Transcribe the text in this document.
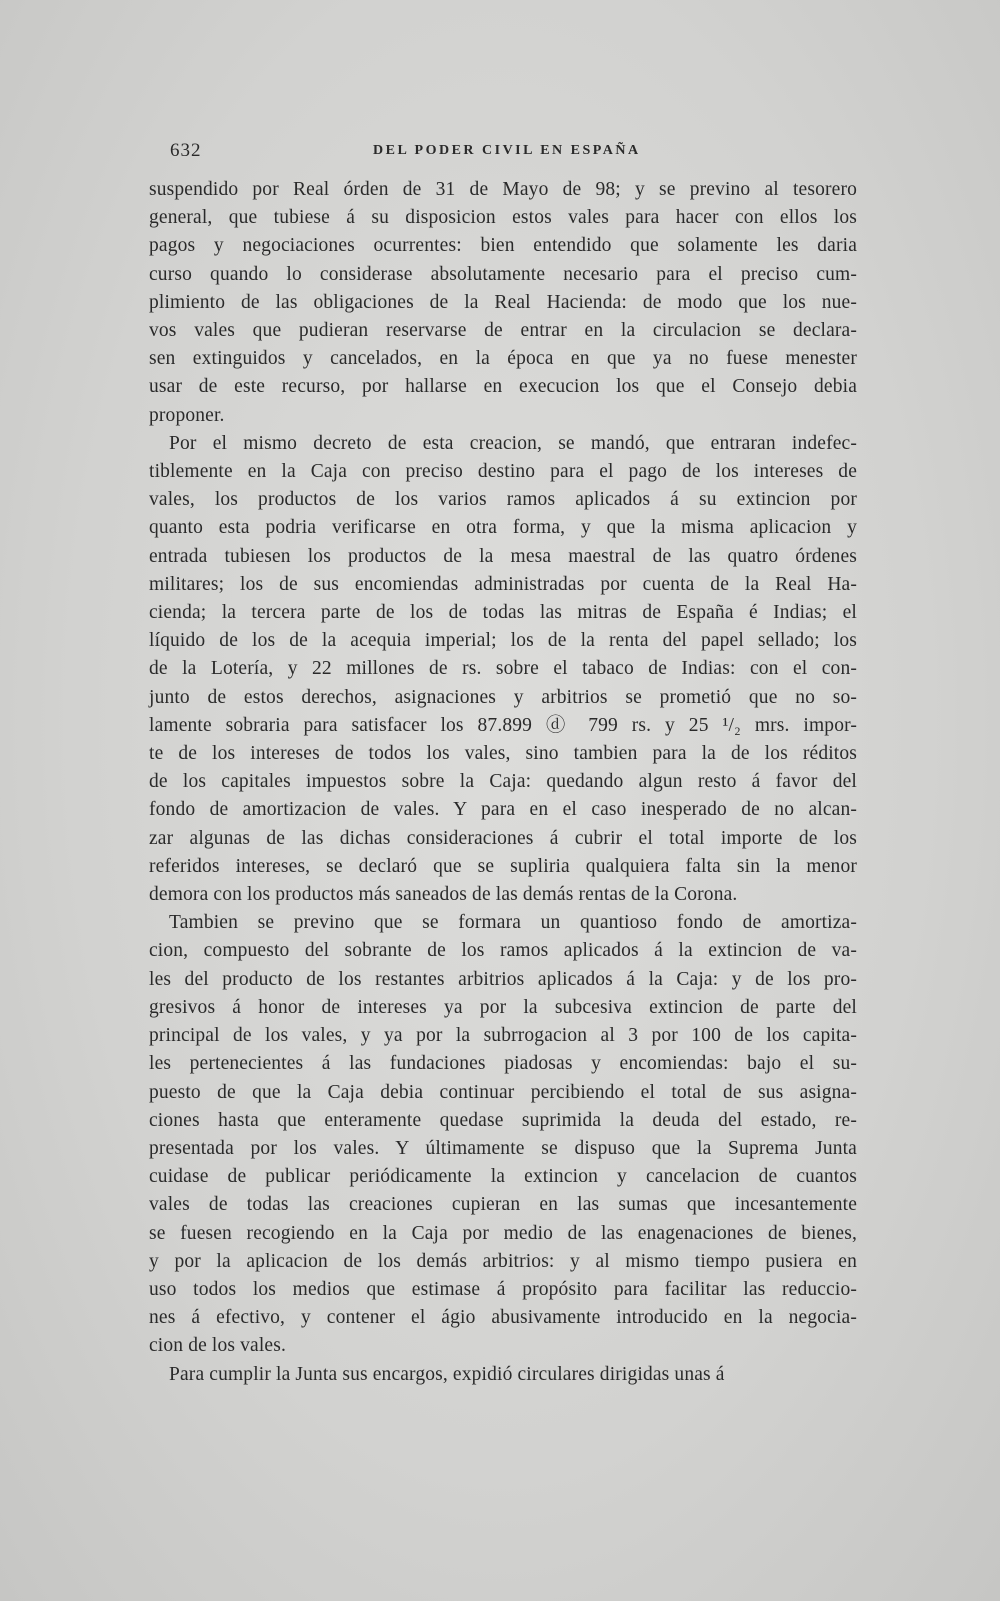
632	DEL PODER CIVIL EN ESPAÑA

suspendido por Real órden de 31 de Mayo de 98; y se previno al tesorero
general, que tubiese á su disposicion estos vales para hacer con ellos los
pagos y negociaciones ocurrentes: bien entendido que solamente les daria
curso quando lo considerase absolutamente necesario para el preciso cum-
plimiento de las obligaciones de la Real Hacienda: de modo que los nue-
vos vales que pudieran reservarse de entrar en la circulacion se declara-
sen extinguidos y cancelados, en la época en que ya no fuese menester
usar de este recurso, por hallarse en execucion los que el Consejo debia
proponer.

Por el mismo decreto de esta creacion, se mandó, que entraran indefec-
tiblemente en la Caja con preciso destino para el pago de los intereses de
vales, los productos de los varios ramos aplicados á su extincion por
quanto esta podria verificarse en otra forma, y que la misma aplicacion y
entrada tubiesen los productos de la mesa maestral de las quatro órdenes
militares; los de sus encomiendas administradas por cuenta de la Real Ha-
cienda; la tercera parte de los de todas las mitras de España é Indias; el
líquido de los de la acequia imperial; los de la renta del papel sellado; los
de la Lotería, y 22 millones de rs. sobre el tabaco de Indias: con el con-
junto de estos derechos, asignaciones y arbitrios se prometió que no so-
lamente sobraria para satisfacer los 87.899 ⓓ 799 rs. y 25 ¹/₂ mrs. impor-
te de los intereses de todos los vales, sino tambien para la de los réditos
de los capitales impuestos sobre la Caja: quedando algun resto á favor del
fondo de amortizacion de vales. Y para en el caso inesperado de no alcan-
zar algunas de las dichas consideraciones á cubrir el total importe de los
referidos intereses, se declaró que se supliria qualquiera falta sin la menor
demora con los productos más saneados de las demás rentas de la Corona.

Tambien se previno que se formara un quantioso fondo de amortiza-
cion, compuesto del sobrante de los ramos aplicados á la extincion de va-
les del producto de los restantes arbitrios aplicados á la Caja: y de los pro-
gresivos á honor de intereses ya por la subcesiva extincion de parte del
principal de los vales, y ya por la subrrogacion al 3 por 100 de los capita-
les pertenecientes á las fundaciones piadosas y encomiendas: bajo el su-
puesto de que la Caja debia continuar percibiendo el total de sus asigna-
ciones hasta que enteramente quedase suprimida la deuda del estado, re-
presentada por los vales. Y últimamente se dispuso que la Suprema Junta
cuidase de publicar periódicamente la extincion y cancelacion de cuantos
vales de todas las creaciones cupieran en las sumas que incesantemente
se fuesen recogiendo en la Caja por medio de las enagenaciones de bienes,
y por la aplicacion de los demás arbitrios: y al mismo tiempo pusiera en
uso todos los medios que estimase á propósito para facilitar las reduccio-
nes á efectivo, y contener el ágio abusivamente introducido en la negocia-
cion de los vales.

Para cumplir la Junta sus encargos, expidió circulares dirigidas unas á
